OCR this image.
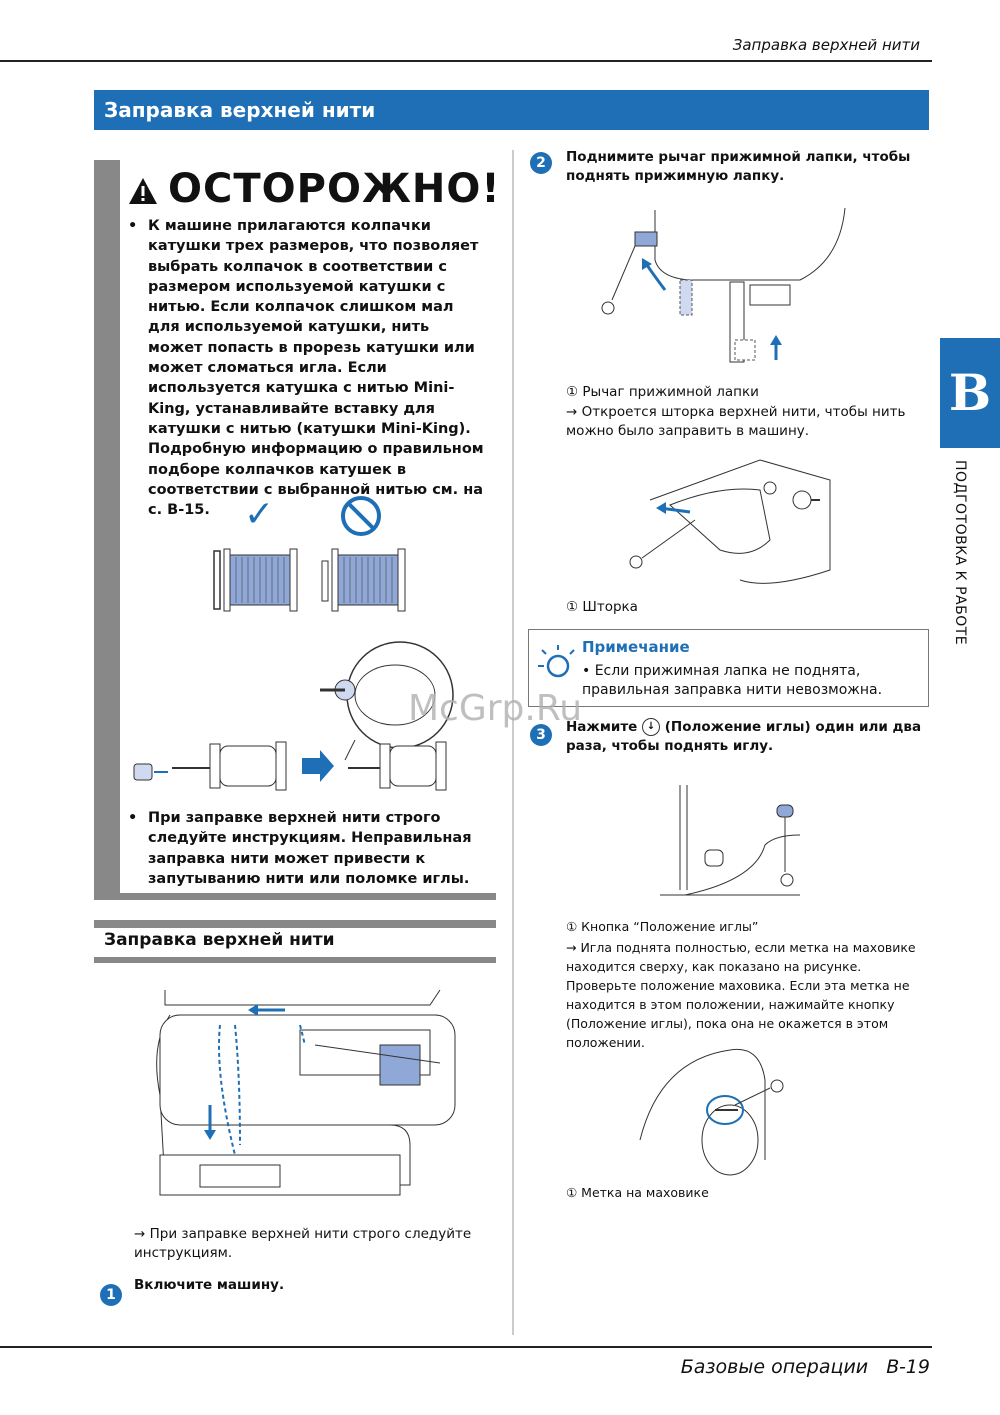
Заправка верхней нити
Заправка верхней нити
B
ПОДГОТОВКА К РАБОТЕ
ОСТОРОЖНО!
• К машине прилагаются колпачки катушки трех размеров, что позволяет выбрать колпачок в соответствии с размером используемой катушки с нитью. Если колпачок слишком мал для используемой катушки, нить может попасть в прорезь катушки или может сломаться игла. Если используется катушка с нитью Mini-King, устанавливайте вставку для катушки с нитью (катушки Mini-King). Подробную информацию о правильном подборе колпачков катушек в соответствии с выбранной нитью см. на с. B-15. ✓
• При заправке верхней нити строго следуйте инструкциям. Неправильная заправка нити может привести к запутыванию нити или поломке иглы.
Заправка верхней нити
→ При заправке верхней нити строго следуйте инструкциям.
1
Включите машину.
2	Поднимите рычаг прижимной лапки, чтобы поднять прижимную лапку.
① Рычаг прижимной лапки
→ Откроется шторка верхней нити, чтобы нить можно было заправить в машину.
① Шторка
Примечание
• Если прижимная лапка не поднята, правильная заправка нити невозможна.
3	Нажмите ↓ (Положение иглы) один или два раза, чтобы поднять иглу.
① Кнопка “Положение иглы”
→ Игла поднята полностью, если метка на маховике находится сверху, как показано на рисунке. Проверьте положение маховика. Если эта метка не находится в этом положении, нажимайте кнопку (Положение иглы), пока она не окажется в этом положении.
① Метка на маховике
McGrp.Ru
Базовые операции   B-19
